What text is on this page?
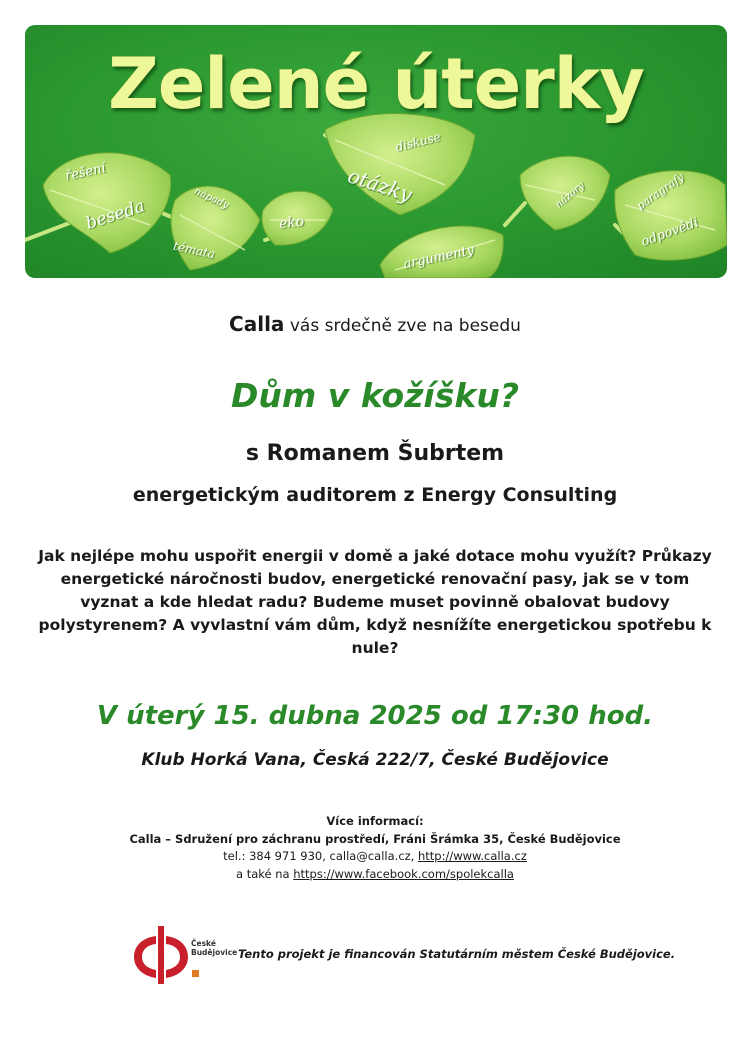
Zelené úterky
řešení
beseda	nápady
témata
eko
diskuse
otázky
argumenty
názory	paragrafy
odpovědi
Calla vás srdečně zve na besedu
Dům v kožíšku?
s Romanem Šubrtem
energetickým auditorem z Energy Consulting
Jak nejlépe mohu uspořit energii v domě a jaké dotace mohu využít? Průkazy energetické náročnosti budov, energetické renovační pasy, jak se v tom vyznat a kde hledat radu? Budeme muset povinně obalovat budovy polystyrenem? A vyvlastní vám dům, když nesnížíte energetickou spotřebu k nule?
V úterý 15. dubna 2025 od 17:30 hod.
Klub Horká Vana, Česká 222/7, České Budějovice
Více informací:
Calla – Sdružení pro záchranu prostředí, Fráni Šrámka 35, České Budějovice
tel.: 384 971 930, calla@calla.cz, http://www.calla.cz
a také na https://www.facebook.com/spolekcalla
České
Budějovice Tento projekt je financován Statutárním městem České Budějovice.
